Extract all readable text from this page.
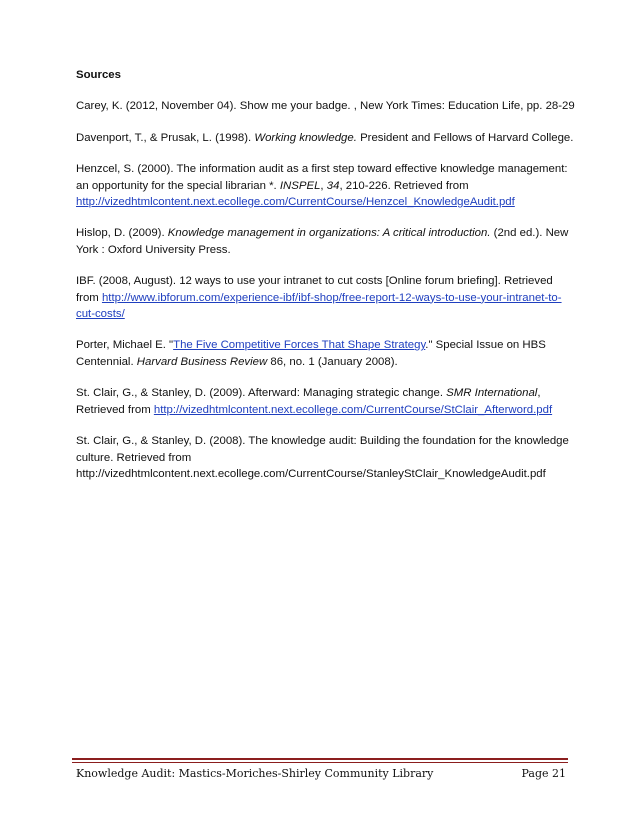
Sources
Carey, K. (2012, November 04). Show me your badge. , New York Times: Education Life, pp. 28-29
Davenport, T., & Prusak, L. (1998). Working knowledge. President and Fellows of Harvard College.
Henzcel, S. (2000). The information audit as a first step toward effective knowledge management: an opportunity for the special librarian *. INSPEL, 34, 210-226. Retrieved from http://vizedhtmlcontent.next.ecollege.com/CurrentCourse/Henzcel_KnowledgeAudit.pdf
Hislop, D. (2009). Knowledge management in organizations: A critical introduction. (2nd ed.). New York : Oxford University Press.
IBF. (2008, August). 12 ways to use your intranet to cut costs [Online forum briefing]. Retrieved from http://www.ibforum.com/experience-ibf/ibf-shop/free-report-12-ways-to-use-your-intranet-to-cut-costs/
Porter, Michael E. "The Five Competitive Forces That Shape Strategy." Special Issue on HBS Centennial. Harvard Business Review 86, no. 1 (January 2008).
St. Clair, G., & Stanley, D. (2009). Afterward: Managing strategic change. SMR International, Retrieved from http://vizedhtmlcontent.next.ecollege.com/CurrentCourse/StClair_Afterword.pdf
St. Clair, G., & Stanley, D. (2008). The knowledge audit: Building the foundation for the knowledge culture. Retrieved from http://vizedhtmlcontent.next.ecollege.com/CurrentCourse/StanleyStClair_KnowledgeAudit.pdf
Knowledge Audit: Mastics-Moriches-Shirley Community Library	Page 21
